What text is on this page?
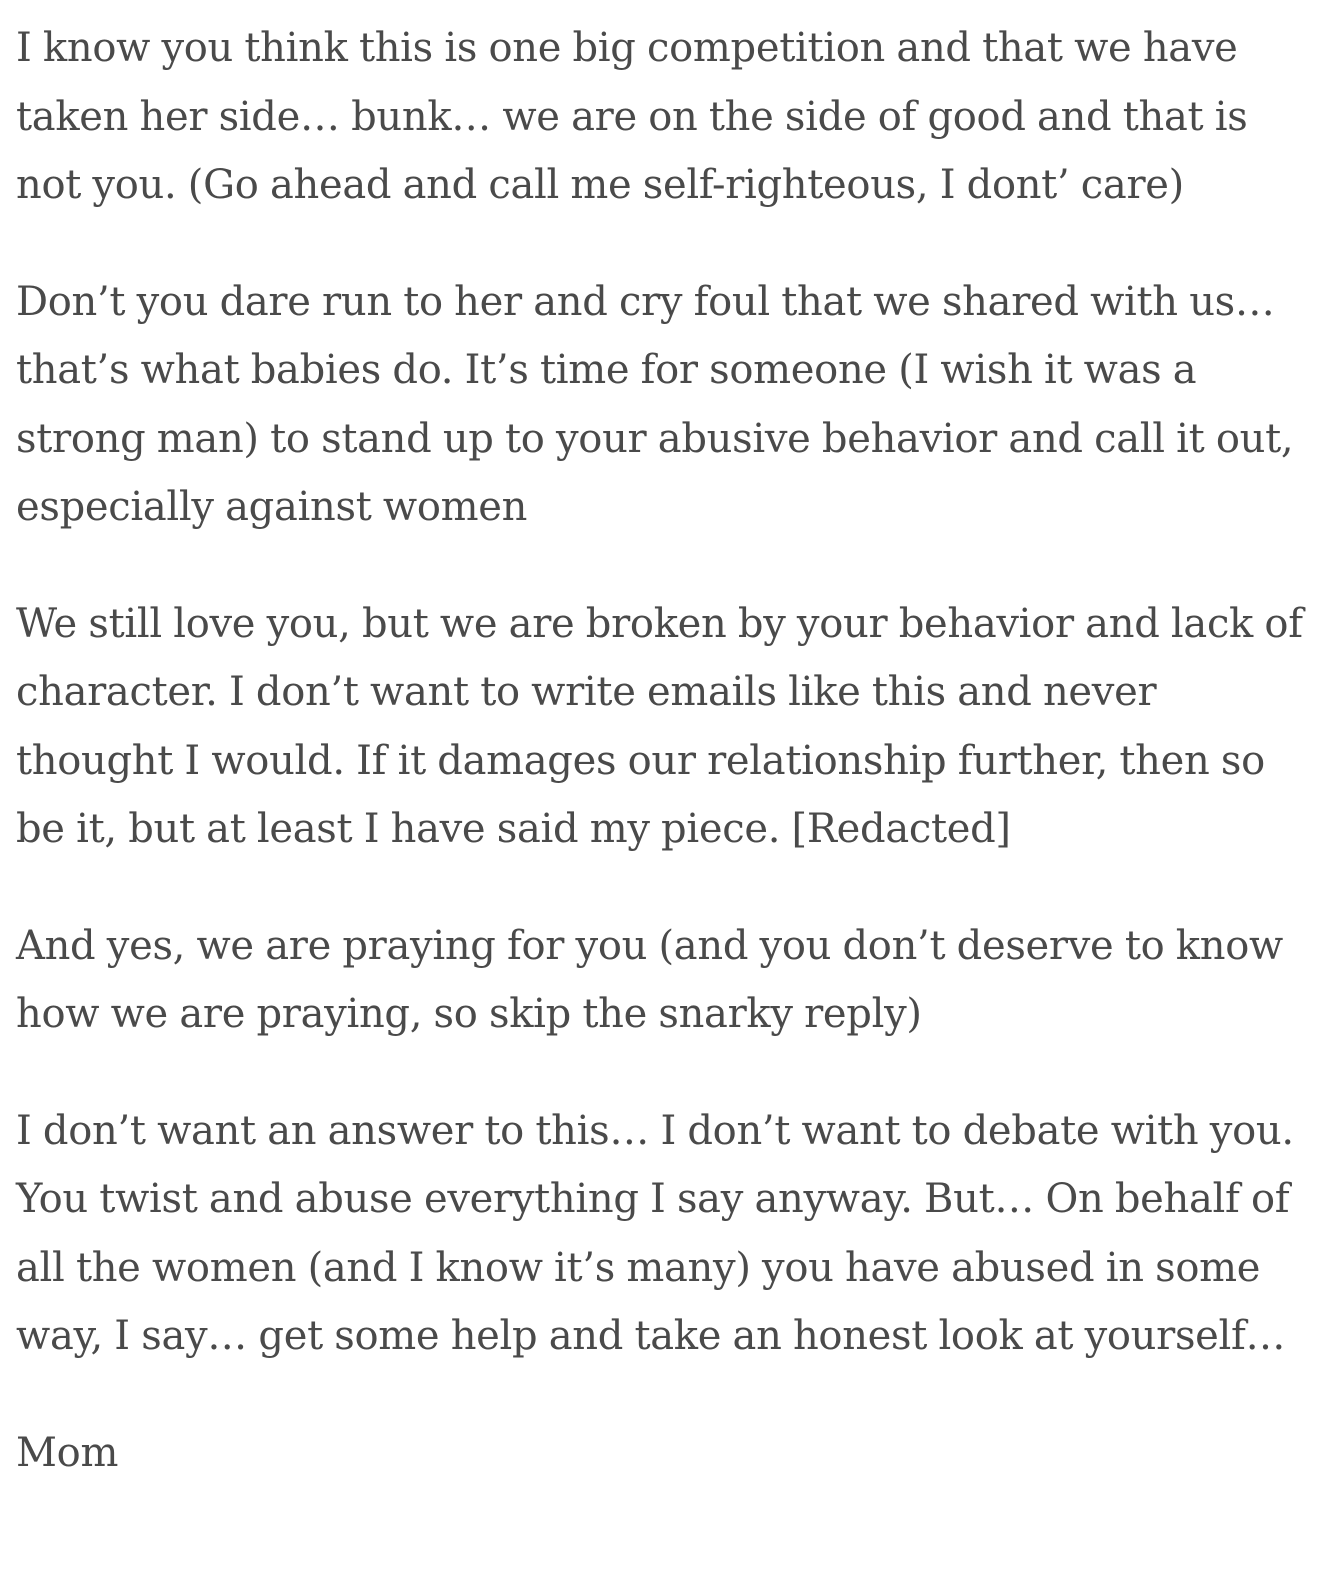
I know you think this is one big competition and that we have taken her side… bunk… we are on the side of good and that is not you. (Go ahead and call me self-righteous, I dont’ care)

Don’t you dare run to her and cry foul that we shared with us… that’s what babies do. It’s time for someone (I wish it was a strong man) to stand up to your abusive behavior and call it out, especially against women

We still love you, but we are broken by your behavior and lack of character. I don’t want to write emails like this and never thought I would. If it damages our relationship further, then so be it, but at least I have said my piece. [Redacted]

And yes, we are praying for you (and you don’t deserve to know how we are praying, so skip the snarky reply)

I don’t want an answer to this… I don’t want to debate with you. You twist and abuse everything I say anyway. But… On behalf of all the women (and I know it’s many) you have abused in some way, I say… get some help and take an honest look at yourself…

Mom
